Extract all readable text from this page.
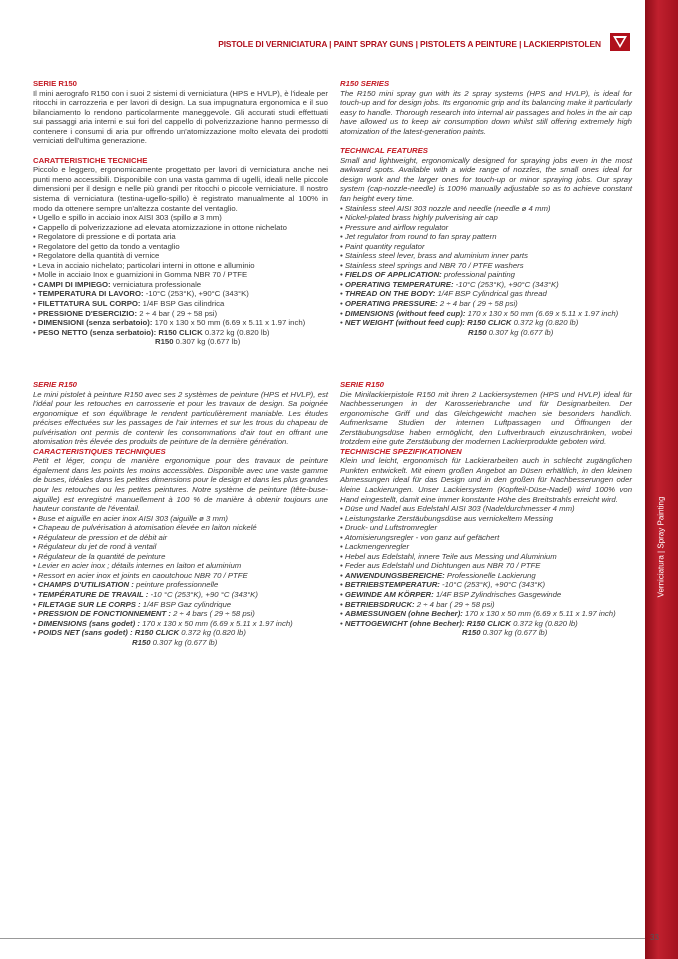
Verniciatura | Spray Painting
PISTOLE DI VERNICIATURA | PAINT SPRAY GUNS | PISTOLETS A PEINTURE | LACKIERPISTOLEN

SERIE R150

Il mini aerografo R150 con i suoi 2 sistemi di verniciatura (HPS e HVLP), è l'ideale per ritocchi in carrozzeria e per lavori di design. La sua impugnatura ergonomica e il suo bilanciamento lo rendono particolarmente maneggevole. Gli accurati studi effettuati sui passaggi aria interni e sui fori del cappello di polverizzazione hanno permesso di contenere i consumi di aria pur offrendo un'atomizzazione molto elevata dei prodotti verniciati dell'ultima generazione.

CARATTERISTICHE TECNICHE

Piccolo e leggero, ergonomicamente progettato per lavori di verniciatura anche nei punti meno accessibili. Disponibile con una vasta gamma di ugelli, ideali nelle piccole dimensioni per il design e nelle più grandi per ritocchi o piccole verniciature. Il nostro sistema di verniciatura (testina-ugello-spillo) è registrato manualmente al 100% in modo da ottenere sempre un'altezza costante del ventaglio.

• Ugello e spillo in acciaio inox AISI 303 (spillo ø 3 mm)

• Cappello di polverizzazione ad elevata atomizzazione in ottone nichelato

• Regolatore di pressione e di portata aria

• Regolatore del getto da tondo a ventaglio

• Regolatore della quantità di vernice

• Leva in acciaio nichelato; particolari interni in ottone e alluminio

• Molle in acciaio Inox e guarnizioni in Gomma NBR 70 / PTFE

• CAMPI DI IMPIEGO: verniciatura professionale

• TEMPERATURA DI LAVORO: -10°C (253°K), +90°C (343°K)

• FILETTATURA SUL CORPO: 1/4F BSP Gas cilindrica

• PRESSIONE D'ESERCIZIO: 2 ÷ 4 bar ( 29 ÷ 58 psi)

• DIMENSIONI (senza serbatoio): 170 x 130 x 50 mm (6.69 x 5.11 x 1.97 inch)

• PESO NETTO (senza serbatoio): R150 CLICK 0.372 kg (0.820 lb)

R150 0.307 kg (0.677 lb)

R150 SERIES

The R150 mini spray gun with its 2 spray systems (HPS and HVLP), is ideal for touch-up and for design jobs. Its ergonomic grip and its balancing make it particularly easy to handle. Thorough research into internal air passages and holes in the air cap have allowed us to keep air consumption down whilst still offering extremely high atomization of the latest-generation paints.

TECHNICAL FEATURES

Small and lightweight, ergonomically designed for spraying jobs even in the most awkward spots. Available with a wide range of nozzles, the small ones ideal for design work and the larger ones for touch-up or minor spraying jobs. Our spray system (cap-nozzle-needle) is 100% manually adjustable so as to achieve constant fan height every time.

• Stainless steel AISI 303 nozzle and needle (needle ø 4 mm)

• Nickel-plated brass highly pulverising air cap

• Pressure and airflow regulator

• Jet regulator from round to fan spray pattern

• Paint quantity regulator

• Stainless steel lever, brass and aluminium inner parts

• Stainless steel springs and NBR 70 / PTFE washers

• FIELDS OF APPLICATION: professional painting

• OPERATING TEMPERATURE: -10°C (253°K), +90°C (343°K)

• THREAD ON THE BODY: 1/4F BSP Cylindrical gas thread

• OPERATING PRESSURE: 2 ÷ 4 bar ( 29 ÷ 58 psi)

• DIMENSIONS (without feed cup): 170 x 130 x 50 mm (6.69 x 5.11 x 1.97 inch)

• NET WEIGHT (without feed cup): R150 CLICK 0.372 kg (0.820 lb)

R150 0.307 kg (0.677 lb)

SERIE R150

Le mini pistolet à peinture R150 avec ses 2 systèmes de peinture (HPS et HVLP), est l'idéal pour les retouches en carrosserie et pour les travaux de design. Sa poignée ergonomique et son équilibrage le rendent particulièrement maniable. Les études précises effectuées sur les passages de l'air internes et sur les trous du chapeau de pulvérisation ont permis de contenir les consommations d'air tout en offrant une atomisation très élevée des produits de peinture de la dernière génération.

CARACTERISTIQUES TECHNIQUES

Petit et léger, conçu de manière ergonomique pour des travaux de peinture également dans les points les moins accessibles. Disponible avec une vaste gamme de buses, idéales dans les petites dimensions pour le design et dans les plus grandes pour les retouches ou les petites peintures. Notre système de peinture (tête-buse-aiguille) est enregistré manuellement à 100 % de manière à obtenir toujours une hauteur constante de l'éventail.

• Buse et aiguille en acier inox AISI 303 (aiguille ø 3 mm)

• Chapeau de pulvérisation à atomisation élevée en laiton nickelé

• Régulateur de pression et de débit air

• Régulateur du jet de rond à ventail

• Régulateur de la quantité de peinture

• Levier en acier inox ; détails internes en laiton et aluminium

• Ressort en acier inox et joints en caoutchouc NBR 70 / PTFE

• CHAMPS D'UTILISATION : peinture professionnelle

• TEMPÉRATURE DE TRAVAIL : -10 °C (253°K), +90 °C (343°K)

• FILETAGE SUR LE CORPS : 1/4F BSP Gaz cylindrique

• PRESSION DE FONCTIONNEMENT : 2 ÷ 4 bars ( 29 ÷ 58 psi)

• DIMENSIONS (sans godet) : 170 x 130 x 50 mm (6.69 x 5.11 x 1.97 inch)

• POIDS NET (sans godet) : R150 CLICK 0.372 kg (0.820 lb)

R150 0.307 kg (0.677 lb)

SERIE R150

Die Minilackierpistole R150 mit ihren 2 Lackiersystemen (HPS und HVLP) ideal für Nachbesserungen in der Karosseriebranche und für Designarbeiten. Der ergonomische Griff und das Gleichgewicht machen sie besonders handlich. Aufmerksame Studien der internen Luftpassagen und Öffnungen der Zerstäubungsdüse haben ermöglicht, den Luftverbrauch einzuschränken, wobei trotzdem eine gute Zerstäubung der modernen Lackierprodukte geboten wird.

TECHNISCHE SPEZIFIKATIONEN

Klein und leicht, ergonomisch für Lackierarbeiten auch in schlecht zugänglichen Punkten entwickelt. Mit einem großen Angebot an Düsen erhältlich, in den kleinen Abmessungen ideal für das Design und in den großen für Nachbesserungen oder kleine Lackierungen. Unser Lackiersystem (Kopfteil-Düse-Nadel) wird 100% von Hand eingestellt, damit eine immer konstante Höhe des Breitstrahls erreicht wird.

• Düse und Nadel aus Edelstahl AISI 303 (Nadeldurchmesser 4 mm)

• Leistungstarke Zerstäubungsdüse aus vernickeltem Messing

• Druck- und Luftstromregler

• Atomisierungsregler - von ganz auf gefächert

• Lackmengenregler

• Hebel aus Edelstahl, innere Teile aus Messing und Aluminium

• Feder aus Edelstahl und Dichtungen aus NBR 70 / PTFE

• ANWENDUNGSBEREICHE: Professionelle Lackierung

• BETRIEBSTEMPERATUR: -10°C (253°K), +90°C (343°K)

• GEWINDE AM KÖRPER: 1/4F BSP Zylindrisches Gasgewinde

• BETRIEBSDRUCK: 2 ÷ 4 bar ( 29 ÷ 58 psi)

• ABMESSUNGEN (ohne Becher): 170 x 130 x 50 mm (6.69 x 5.11 x 1.97 inch)

• NETTOGEWICHT (ohne Becher): R150 CLICK 0.372 kg (0.820 lb)

R150 0.307 kg (0.677 lb)

33
